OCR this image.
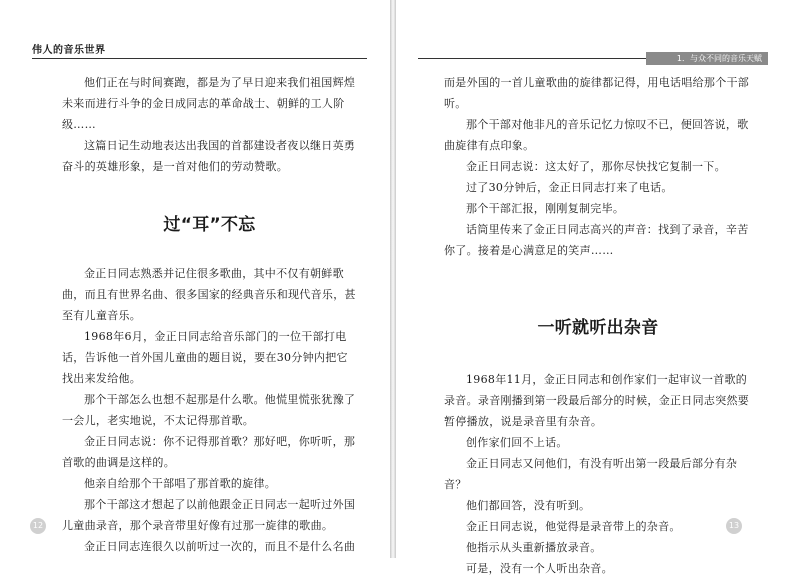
伟人的音乐世界

他们正在与时间赛跑，都是为了早日迎来我们祖国辉煌未来而进行斗争的金日成同志的革命战士、朝鲜的工人阶级……

这篇日记生动地表达出我国的首都建设者夜以继日英勇奋斗的英雄形象，是一首对他们的劳动赞歌。

过“耳”不忘

金正日同志熟悉并记住很多歌曲，其中不仅有朝鲜歌曲，而且有世界名曲、很多国家的经典音乐和现代音乐，甚至有儿童音乐。

1968年6月，金正日同志给音乐部门的一位干部打电话，告诉他一首外国儿童曲的题目说，要在30分钟内把它找出来发给他。

那个干部怎么也想不起那是什么歌。他慌里慌张犹豫了一会儿，老实地说，不太记得那首歌。

金正日同志说：你不记得那首歌？那好吧，你听听，那首歌的曲调是这样的。

他亲自给那个干部唱了那首歌的旋律。

那个干部这才想起了以前他跟金正日同志一起听过外国儿童曲录音，那个录音带里好像有过那一旋律的歌曲。

金正日同志连很久以前听过一次的，而且不是什么名曲

12
1．与众不同的音乐天赋

而是外国的一首儿童歌曲的旋律都记得，用电话唱给那个干部听。

那个干部对他非凡的音乐记忆力惊叹不已，便回答说，歌曲旋律有点印象。

金正日同志说：这太好了，那你尽快找它复制一下。

过了30分钟后，金正日同志打来了电话。

那个干部汇报，刚刚复制完毕。

话筒里传来了金正日同志高兴的声音：找到了录音，辛苦你了。接着是心满意足的笑声……

一听就听出杂音

1968年11月，金正日同志和创作家们一起审议一首歌的录音。录音刚播到第一段最后部分的时候，金正日同志突然要暂停播放，说是录音里有杂音。

创作家们回不上话。

金正日同志又问他们，有没有听出第一段最后部分有杂音？

他们都回答，没有听到。

金正日同志说，他觉得是录音带上的杂音。

他指示从头重新播放录音。

可是，没有一个人听出杂音。

13
